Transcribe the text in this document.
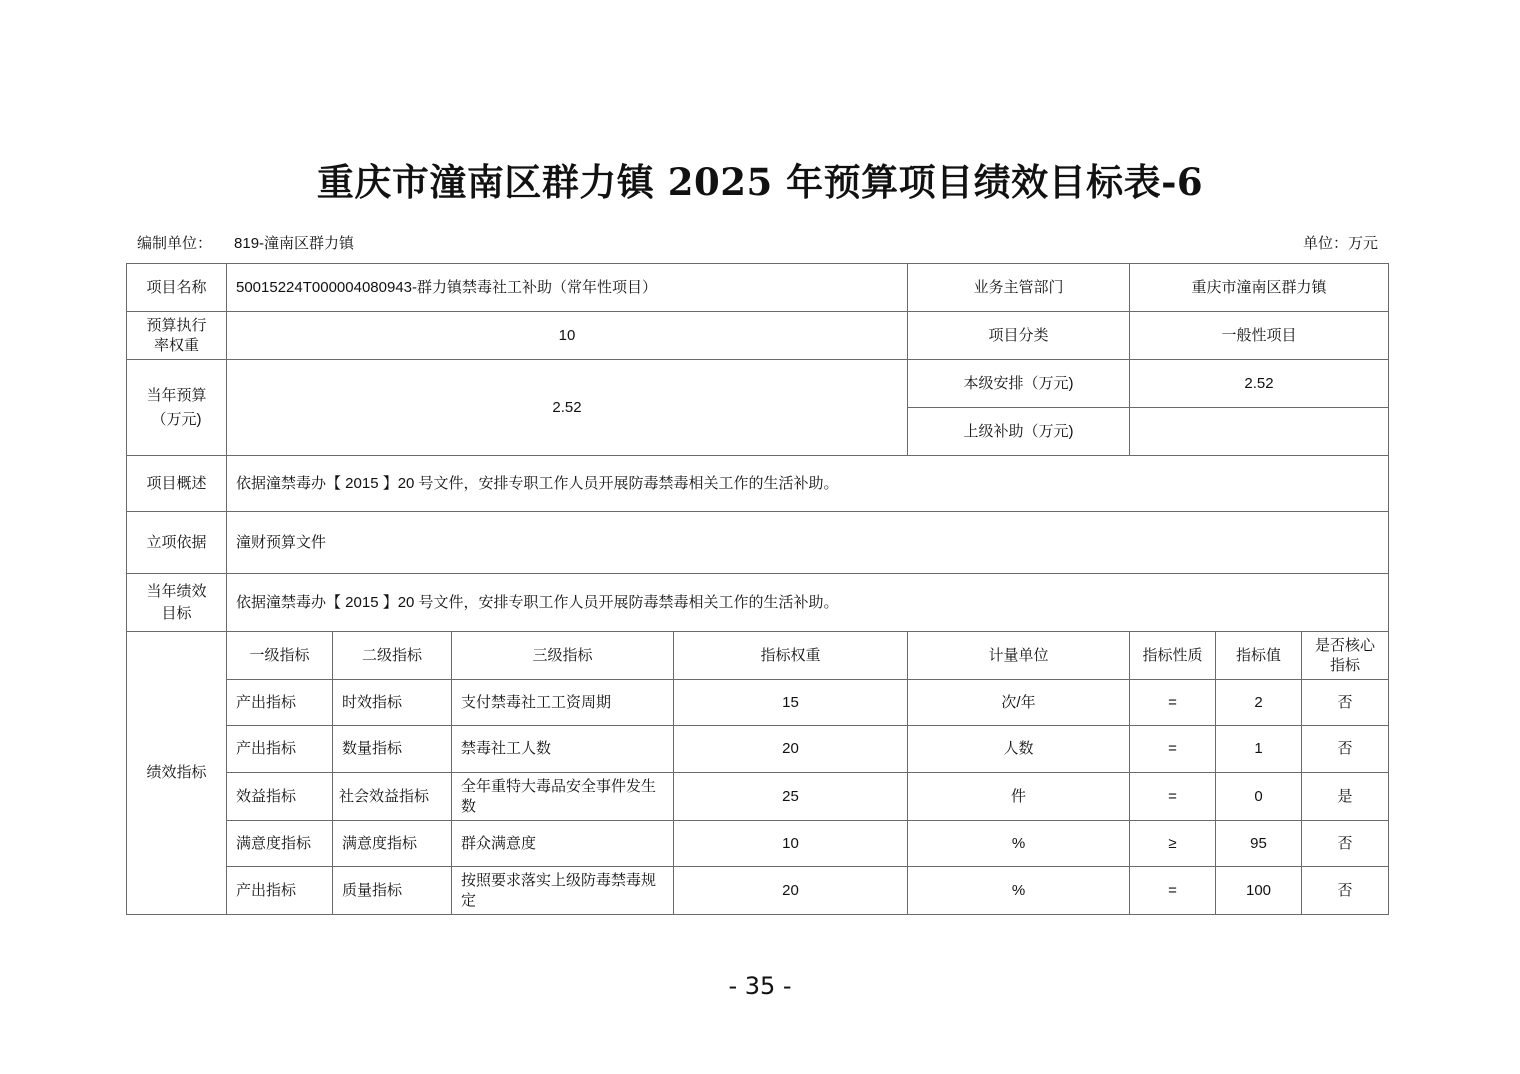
重庆市潼南区群力镇 2025 年预算项目绩效目标表-6
编制单位： 819-潼南区群力镇	单位：万元
项目名称	50015224T000004080943-群力镇禁毒社工补助（常年性项目）				业务主管部门	重庆市潼南区群力镇		
预算执行率权重	10				项目分类	一般性项目		
当年预算（万元)	2.52				本级安排（万元)	2.52		
					上级补助（万元)			
项目概述	依据潼禁毒办【 2015 】20 号文件，安排专职工作人员开展防毒禁毒相关工作的生活补助。							
立项依据	潼财预算文件							
当年绩效目标	依据潼禁毒办【 2015 】20 号文件，安排专职工作人员开展防毒禁毒相关工作的生活补助。							
绩效指标	一级指标	二级指标	三级指标	指标权重	计量单位	指标性质	指标值	是否核心指标
	产出指标	时效指标	支付禁毒社工工资周期	15	次/年	=	2	否
	产出指标	数量指标	禁毒社工人数	20	人数	=	1	否
	效益指标	社会效益指标	全年重特大毒品安全事件发生数	25	件	=	0	是
	满意度指标	满意度指标	群众满意度	10	%	≥	95	否
	产出指标	质量指标	按照要求落实上级防毒禁毒规定	20	%	=	100	否
- 35 -
